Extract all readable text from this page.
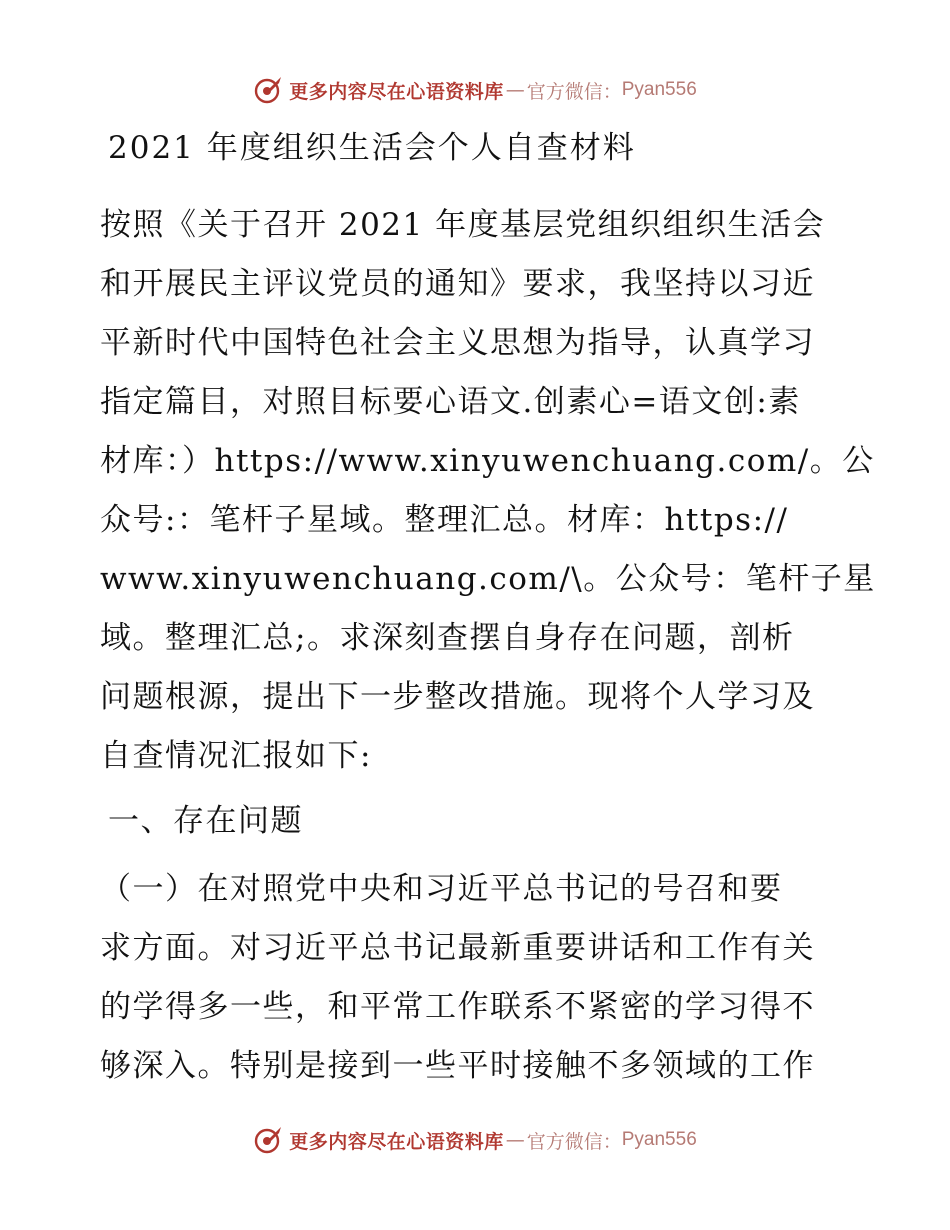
更多内容尽在心语资料库 — 官方微信： Pyan556
2021 年度组织生活会个人自查材料
按照《关于召开 2021 年度基层党组织组织生活会
和开展民主评议党员的通知》要求，我坚持以习近
平新时代中国特色社会主义思想为指导，认真学习
指定篇目，对照目标要心语文.创素心=语文创:素
材库：）https://www.xinyuwenchuang.com/。公
众号:：笔杆子星域。整理汇总。材库：https://
www.xinyuwenchuang.com/\。公众号：笔杆子星
域。整理汇总;。求深刻查摆自身存在问题，剖析
问题根源，提出下一步整改措施。现将个人学习及
自查情况汇报如下:
一、存在问题
（一）在对照党中央和习近平总书记的号召和要
求方面。对习近平总书记最新重要讲话和工作有关
的学得多一些，和平常工作联系不紧密的学习得不
够深入。特别是接到一些平时接触不多领域的工作
更多内容尽在心语资料库 — 官方微信： Pyan556
